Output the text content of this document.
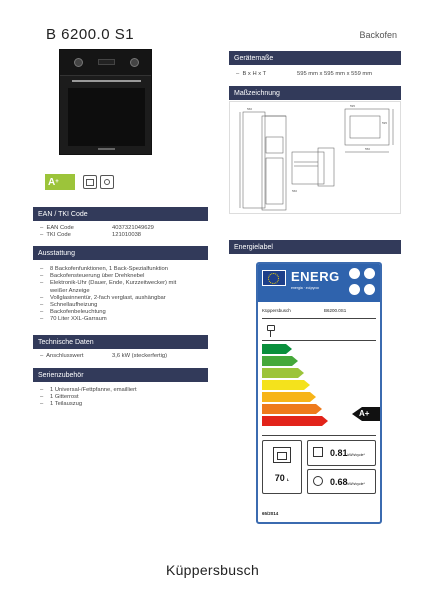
B 6200.0 S1	Backofen
A +
EAN / TKI Code
–  EAN Code	4037321049629
–  TKI Code	121010038
Ausstattung
–	8 Backofenfunktionen, 1 Back-Spezialfunktion
–	Backofensteuerung über Drehknebel
–	Elektronik-Uhr (Dauer, Ende, Kurzzeitwecker) mit
weißer Anzeige
–	Vollglasinnentür, 2-fach verglast, aushängbar
–	Schnellaufheizung
–	Backofenbeleuchtung
–	70 Liter XXL-Garraum
Technische Daten
–  Anschlusswert	3,6 kW (steckerfertig)
Serienzubehör
–	1 Universal-/Fettpfanne, emailliert
–	1 Gitterrost
–	1 Teilauszug
Gerätemaße
–  B x H x T	595 mm x 595 mm x 559 mm
Maßzeichnung
560
595
595
550
560
Energielabel
ENERG
energia · ενέργεια
Küppersbusch	B6200.0S1
A+++
A++
A+
A
B
C
D
A+
70 L
0.81kWh/cycle*
0.68kWh/cycle*
65/2014
Küppersbusch
